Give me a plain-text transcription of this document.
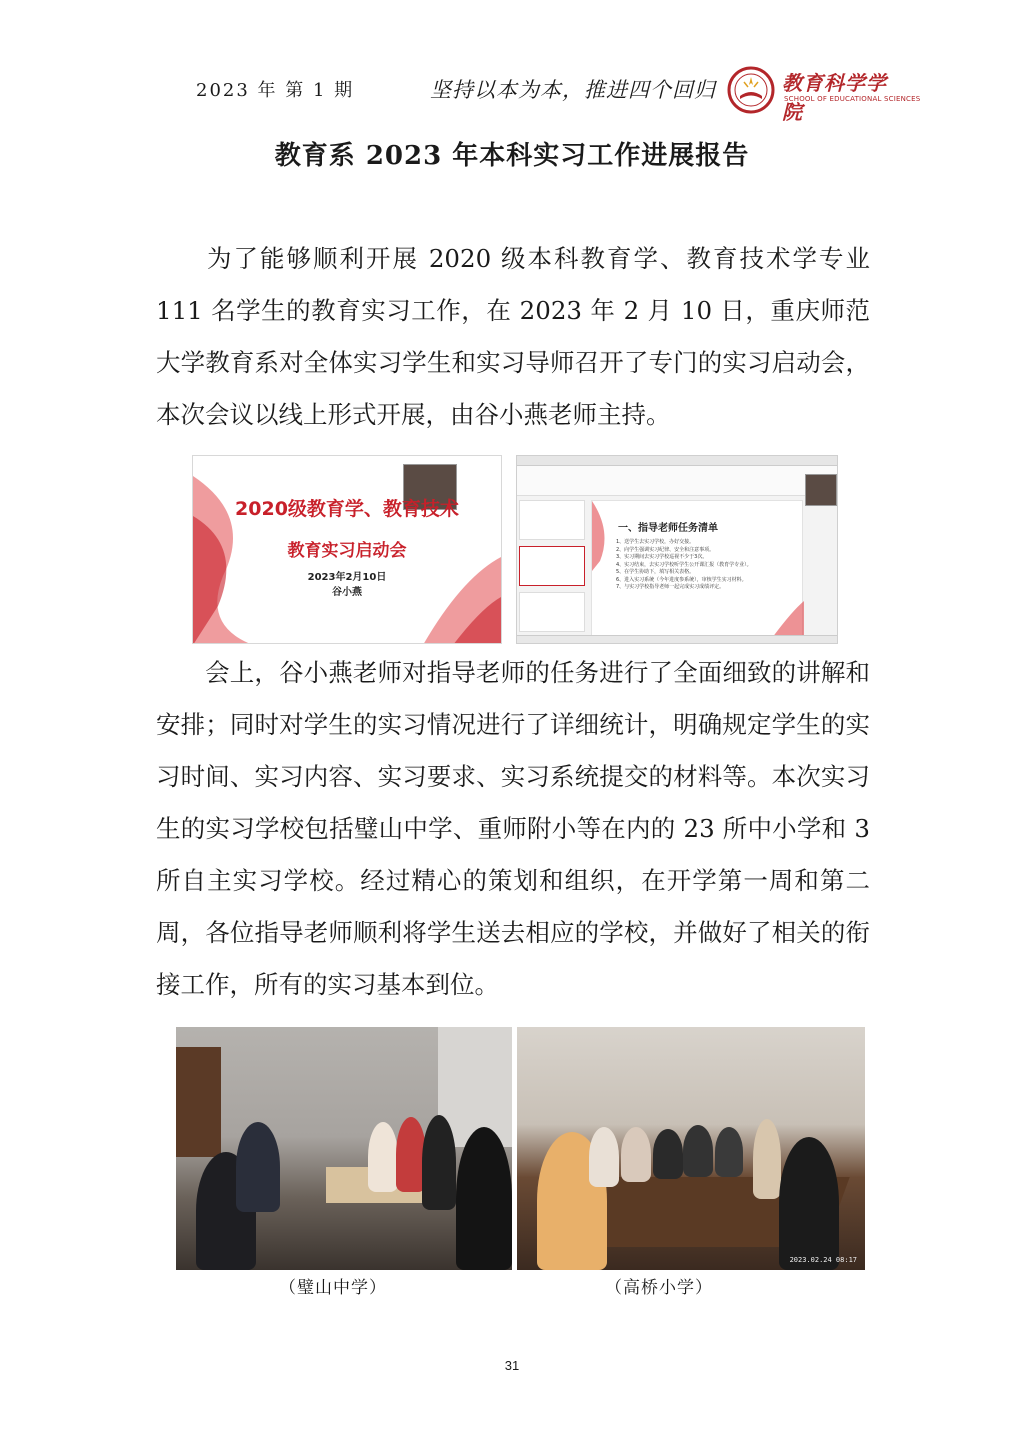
2023 年 第 1 期	坚持以本为本，推进四个回归	教育科学学院
SCHOOL OF EDUCATIONAL SCIENCES
教育系 2023 年本科实习工作进展报告

为了能够顺利开展 2020 级本科教育学、教育技术学专业 111 名学生的教育实习工作，在 2023 年 2 月 10 日，重庆师范大学教育系对全体实习学生和实习导师召开了专门的实习启动会，本次会议以线上形式开展，由谷小燕老师主持。

2020级教育学、教育技术
教育实习启动会
2023年2月10日
谷小燕
一、指导老师任务清单
1、送学生去实习学校，办好交接。
2、向学生强调实习纪律、安全和注意事项。
3、实习期间去实习学校巡视不少于3次。
4、实习结束，去实习学校听学生公开课汇报（教育学专业）。
5、在学生协助下，填写相关表格。
6、进入实习系统（今年进度参系统），审核学生实习材料。
7、与实习学校指导老师一起完成实习成绩评定。

会上，谷小燕老师对指导老师的任务进行了全面细致的讲解和安排；同时对学生的实习情况进行了详细统计，明确规定学生的实习时间、实习内容、实习要求、实习系统提交的材料等。本次实习生的实习学校包括璧山中学、重师附小等在内的 23 所中小学和 3 所自主实习学校。经过精心的策划和组织，在开学第一周和第二周，各位指导老师顺利将学生送去相应的学校，并做好了相关的衔接工作，所有的实习基本到位。

2023.02.24 08:17
（璧山中学）	（高桥小学）
31
